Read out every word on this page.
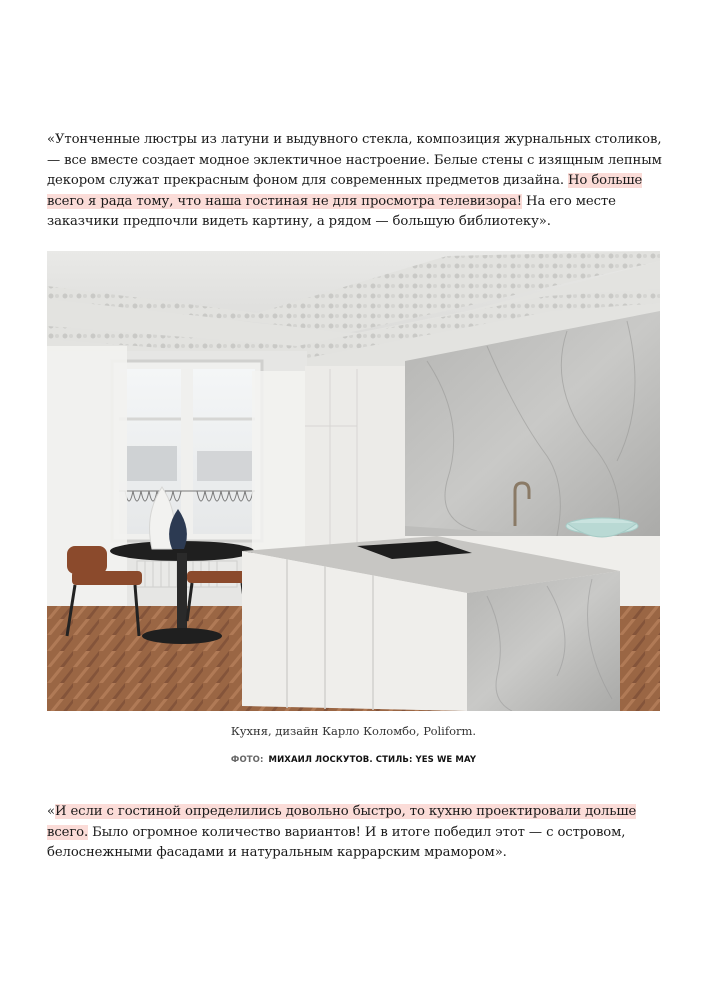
«Утонченные люстры из латуни и выдувного стекла, композиция журнальных столиков, — все вместе создает модное эклектичное настроение. Белые стены с изящным лепным декором служат прекрасным фоном для современных предметов дизайна. Но больше всего я рада тому, что наша гостиная не для просмотра телевизора! На его месте заказчики предпочли видеть картину, а рядом — большую библиотеку».

Кухня, дизайн Карло Коломбо, Poliform.
ФОТО: МИХАИЛ ЛОСКУТОВ. СТИЛЬ: YES WE MAY

«И если с гостиной определились довольно быстро, то кухню проектировали дольше всего. Было огромное количество вариантов! И в итоге победил этот — с островом, белоснежными фасадами и натуральным каррарским мрамором».
